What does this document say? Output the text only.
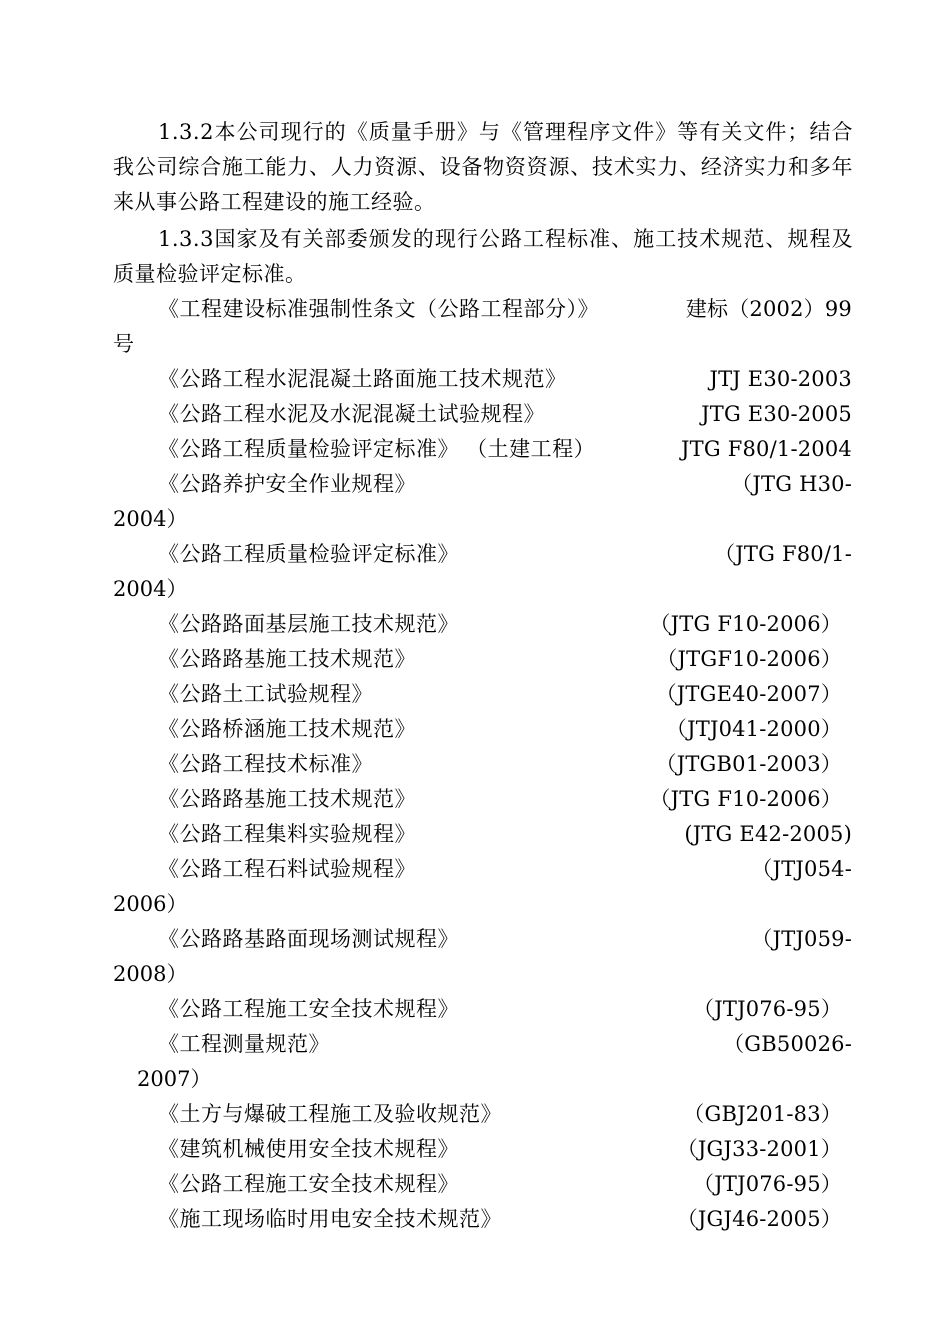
1.3.2本公司现行的《质量手册》与《管理程序文件》等有关文件；结合我公司综合施工能力、人力资源、设备物资资源、技术实力、经济实力和多年来从事公路工程建设的施工经验。

1.3.3国家及有关部委颁发的现行公路工程标准、施工技术规范、规程及质量检验评定标准。

《工程建设标准强制性条文（公路工程部分）》	建标（2002）99
号
《公路工程水泥混凝土路面施工技术规范》	JTJ E30-2003
《公路工程水泥及水泥混凝土试验规程》	JTG E30-2005
《公路工程质量检验评定标准》 （土建工程）	JTG F80/1-2004
《公路养护安全作业规程》	（JTG H30-
2004）
《公路工程质量检验评定标准》	（JTG F80/1-
2004）
《公路路面基层施工技术规范》	（JTG F10-2006）
《公路路基施工技术规范》	（JTGF10-2006）
《公路土工试验规程》	（JTGE40-2007）
《公路桥涵施工技术规范》	（JTJ041-2000）
《公路工程技术标准》	（JTGB01-2003）
《公路路基施工技术规范》	（JTG F10-2006）
《公路工程集料实验规程》	(JTG E42-2005)
《公路工程石料试验规程》	（JTJ054-
2006）
《公路路基路面现场测试规程》	（JTJ059-
2008）
《公路工程施工安全技术规程》	（JTJ076-95）
《工程测量规范》	（GB50026-
2007）
《土方与爆破工程施工及验收规范》	（GBJ201-83）
《建筑机械使用安全技术规程》	（JGJ33-2001）
《公路工程施工安全技术规程》	（JTJ076-95）
《施工现场临时用电安全技术规范》	（JGJ46-2005）
